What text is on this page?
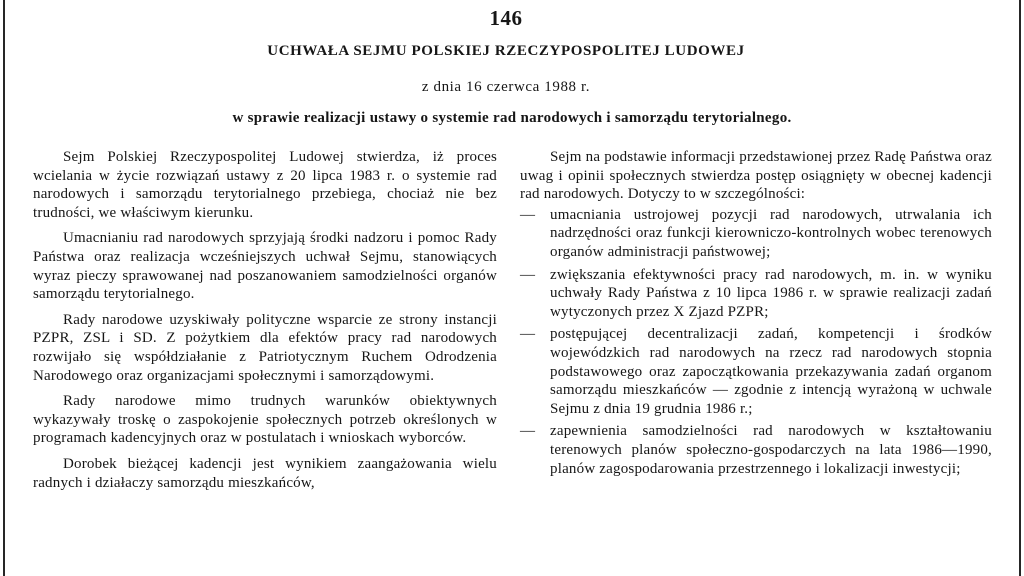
146
UCHWAŁA SEJMU POLSKIEJ RZECZYPOSPOLITEJ LUDOWEJ
z dnia 16 czerwca 1988 r.
w sprawie realizacji ustawy o systemie rad narodowych i samorządu terytorialnego.

Sejm Polskiej Rzeczypospolitej Ludowej stwierdza, iż proces wcielania w życie rozwiązań ustawy z 20 lipca 1983 r. o systemie rad narodowych i samorządu terytorialnego przebiega, chociaż nie bez trudności, we właściwym kierunku.

Umacnianiu rad narodowych sprzyjają środki nadzoru i pomoc Rady Państwa oraz realizacja wcześniejszych uchwał Sejmu, stanowiących wyraz pieczy sprawowanej nad poszanowaniem samodzielności organów samorządu terytorialnego.

Rady narodowe uzyskiwały polityczne wsparcie ze strony instancji PZPR, ZSL i SD. Z pożytkiem dla efektów pracy rad narodowych rozwijało się współdziałanie z Patriotycznym Ruchem Odrodzenia Narodowego oraz organizacjami społecznymi i samorządowymi.

Rady narodowe mimo trudnych warunków obiektywnych wykazywały troskę o zaspokojenie społecznych potrzeb określonych w programach kadencyjnych oraz w postulatach i wnioskach wyborców.

Dorobek bieżącej kadencji jest wynikiem zaangażowania wielu radnych i działaczy samorządu mieszkańców,

Sejm na podstawie informacji przedstawionej przez Radę Państwa oraz uwag i opinii społecznych stwierdza postęp osiągnięty w obecnej kadencji rad narodowych. Dotyczy to w szczególności:

— umacniania ustrojowej pozycji rad narodowych, utrwalania ich nadrzędności oraz funkcji kierowniczo-kontrolnych wobec terenowych organów administracji państwowej;
— zwiększania efektywności pracy rad narodowych, m. in. w wyniku uchwały Rady Państwa z 10 lipca 1986 r. w sprawie realizacji zadań wytyczonych przez X Zjazd PZPR;
— postępującej decentralizacji zadań, kompetencji i środków wojewódzkich rad narodowych na rzecz rad narodowych stopnia podstawowego oraz zapoczątkowania przekazywania zadań organom samorządu mieszkańców — zgodnie z intencją wyrażoną w uchwale Sejmu z dnia 19 grudnia 1986 r.;
— zapewnienia samodzielności rad narodowych w kształtowaniu terenowych planów społeczno-gospodarczych na lata 1986—1990, planów zagospodarowania przestrzennego i lokalizacji inwestycji;
